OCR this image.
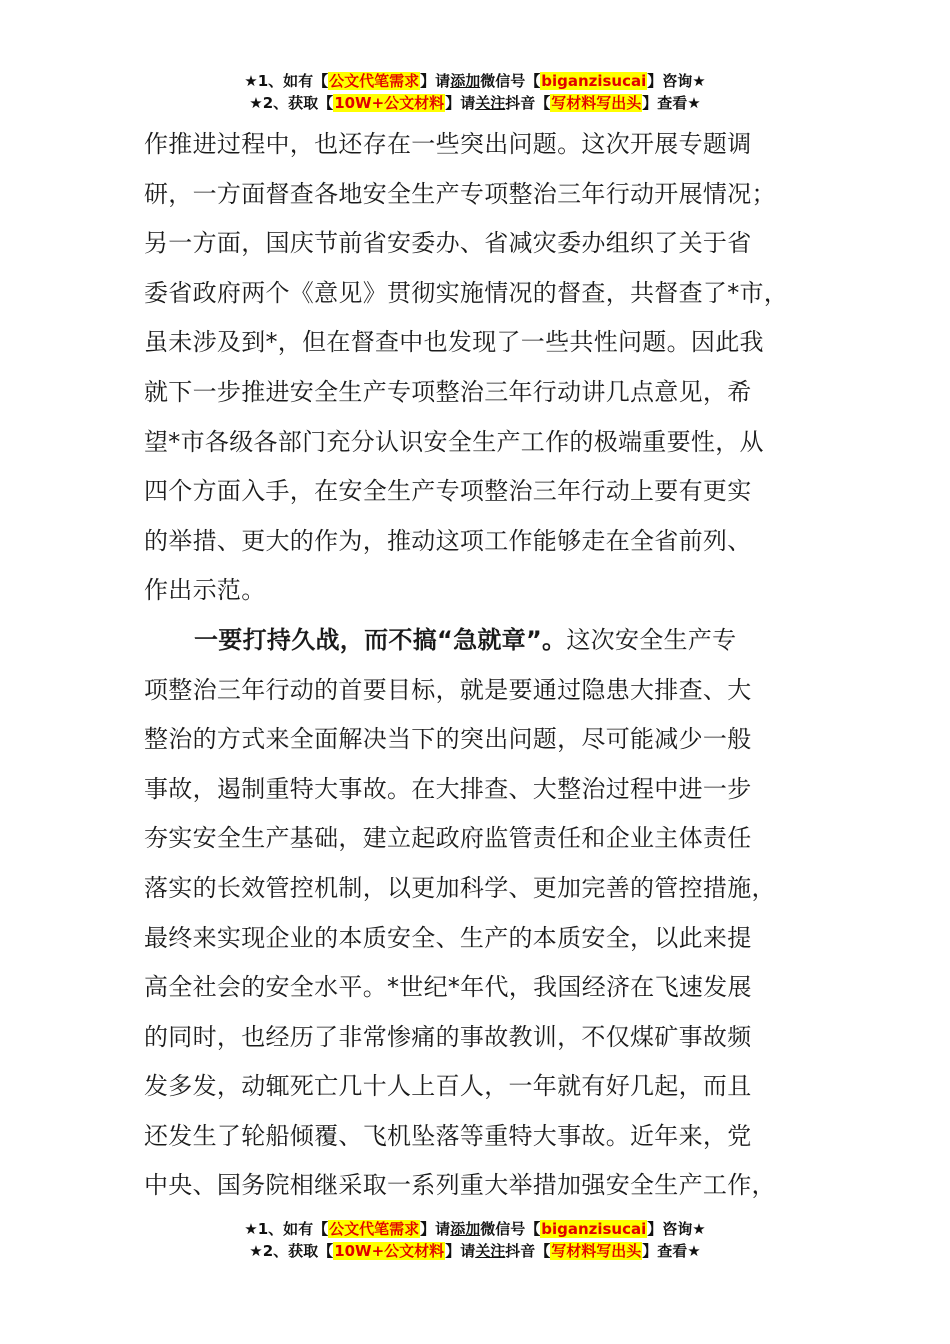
★1、如有【公文代笔需求】请添加微信号【biganzisucai】咨询★
★2、获取【10W+公文材料】请关注抖音【写材料写出头】查看★

作推进过程中，也还存在一些突出问题。这次开展专题调

研，一方面督查各地安全生产专项整治三年行动开展情况；

另一方面，国庆节前省安委办、省减灾委办组织了关于省

委省政府两个《意见》贯彻实施情况的督查，共督查了*市，

虽未涉及到*，但在督查中也发现了一些共性问题。因此我

就下一步推进安全生产专项整治三年行动讲几点意见，希

望*市各级各部门充分认识安全生产工作的极端重要性，从

四个方面入手，在安全生产专项整治三年行动上要有更实

的举措、更大的作为，推动这项工作能够走在全省前列、

作出示范。

一要打持久战，而不搞“急就章”。这次安全生产专

项整治三年行动的首要目标，就是要通过隐患大排查、大

整治的方式来全面解决当下的突出问题，尽可能减少一般

事故，遏制重特大事故。在大排查、大整治过程中进一步

夯实安全生产基础，建立起政府监管责任和企业主体责任

落实的长效管控机制，以更加科学、更加完善的管控措施，

最终来实现企业的本质安全、生产的本质安全，以此来提

高全社会的安全水平。*世纪*年代，我国经济在飞速发展

的同时，也经历了非常惨痛的事故教训，不仅煤矿事故频

发多发，动辄死亡几十人上百人，一年就有好几起，而且

还发生了轮船倾覆、飞机坠落等重特大事故。近年来，党

中央、国务院相继采取一系列重大举措加强安全生产工作，

★1、如有【公文代笔需求】请添加微信号【biganzisucai】咨询★
★2、获取【10W+公文材料】请关注抖音【写材料写出头】查看★
